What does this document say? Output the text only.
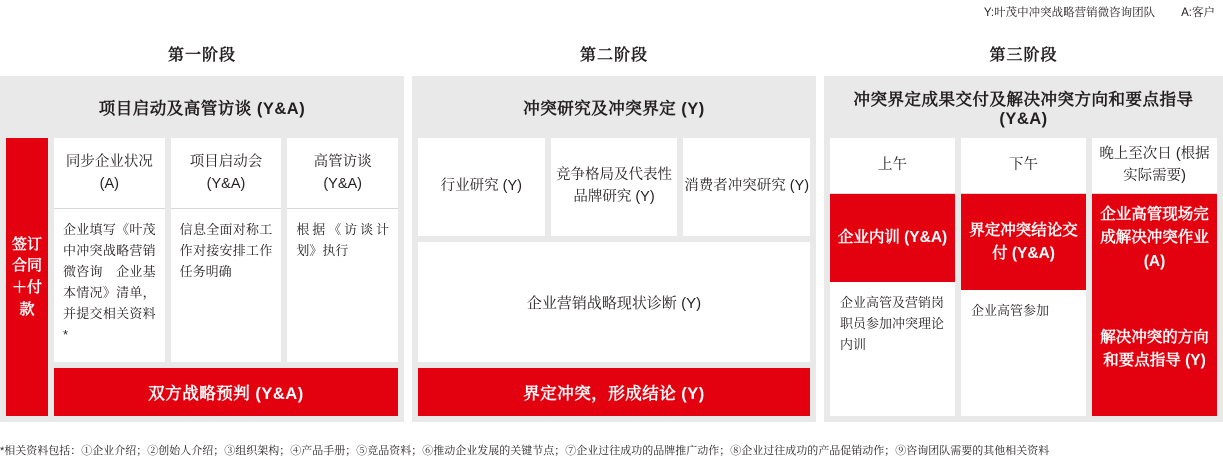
Y:叶茂中冲突战略营销微咨询团队 A:客户
第一阶段	第二阶段	第三阶段
项目启动及高管访谈 (Y&A)
签订合同＋付款
同步企业状况 (A)
企业填写《叶茂中冲突战略营销微咨询　企业基本情况》清单，并提交相关资料*
项目启动会 (Y&A)
信息全面对称工作对接安排工作任务明确
高管访谈 (Y&A)
根据《访谈计划》执行
双方战略预判 (Y&A)
冲突研究及冲突界定 (Y)
行业研究 (Y)
竞争格局及代表性品牌研究 (Y)
消费者冲突研究 (Y)
企业营销战略现状诊断 (Y)
界定冲突，形成结论 (Y)
冲突界定成果交付及解决冲突方向和要点指导 (Y&A)
上午
企业内训 (Y&A)
企业高管及营销岗职员参加冲突理论内训
下午
界定冲突结论交付 (Y&A)
企业高管参加
晚上至次日 (根据实际需要)
企业高管现场完成解决冲突作业 (A)
解决冲突的方向和要点指导 (Y)
*相关资料包括：①企业介绍；②创始人介绍；③组织架构；④产品手册；⑤竞品资料；⑥推动企业发展的关键节点；⑦企业过往成功的品牌推广动作；⑧企业过往成功的产品促销动作；⑨咨询团队需要的其他相关资料
